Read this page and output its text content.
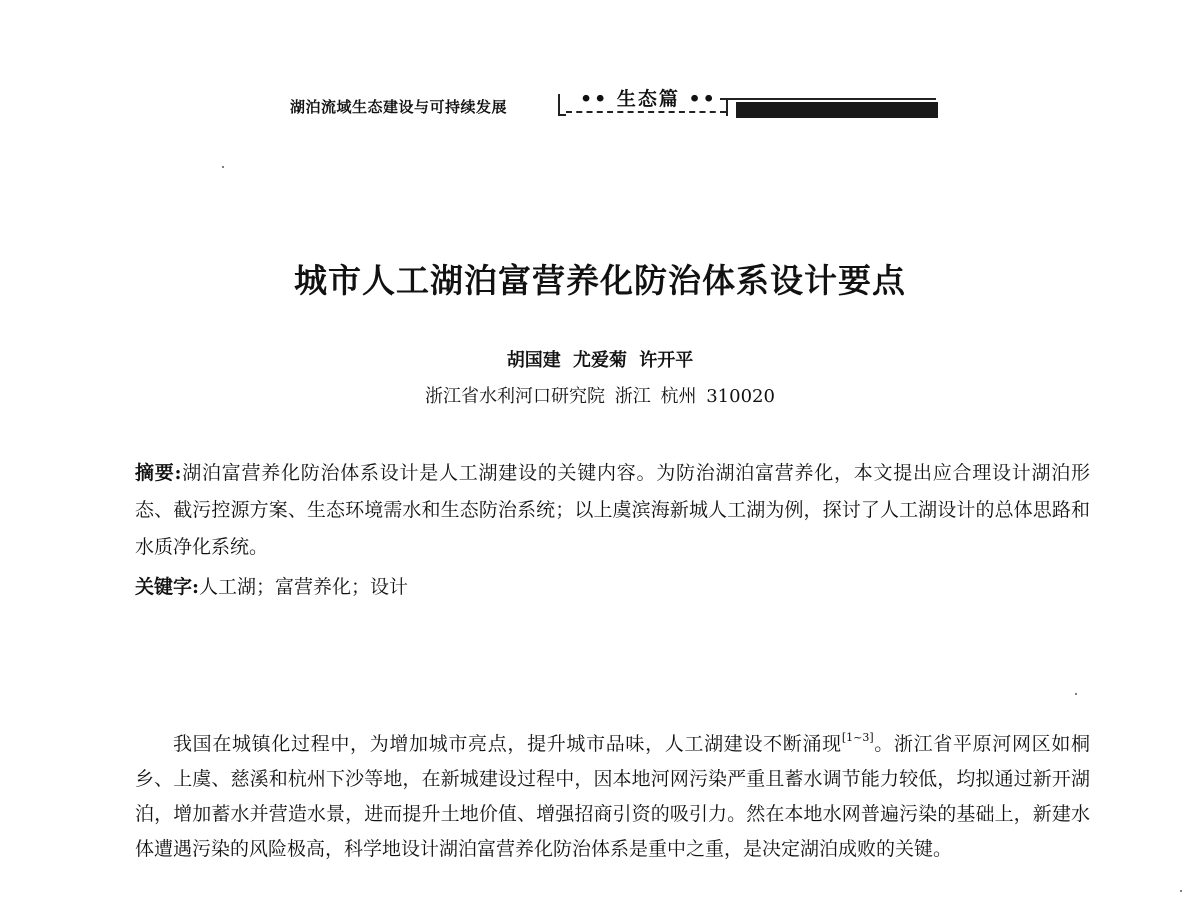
湖泊流域生态建设与可持续发展	•• 生态篇 ••
城市人工湖泊富营养化防治体系设计要点
胡国建 尤爱菊 许开平
浙江省水利河口研究院 浙江 杭州 310020
摘要:湖泊富营养化防治体系设计是人工湖建设的关键内容。为防治湖泊富营养化，本文提出应合理设计湖泊形态、截污控源方案、生态环境需水和生态防治系统；以上虞滨海新城人工湖为例，探讨了人工湖设计的总体思路和水质净化系统。
关键字:人工湖；富营养化；设计
我国在城镇化过程中，为增加城市亮点，提升城市品味，人工湖建设不断涌现[1~3]。浙江省平原河网区如桐乡、上虞、慈溪和杭州下沙等地，在新城建设过程中，因本地河网污染严重且蓄水调节能力较低，均拟通过新开湖泊，增加蓄水并营造水景，进而提升土地价值、增强招商引资的吸引力。然在本地水网普遍污染的基础上，新建水体遭遇污染的风险极高，科学地设计湖泊富营养化防治体系是重中之重，是决定湖泊成败的关键。
